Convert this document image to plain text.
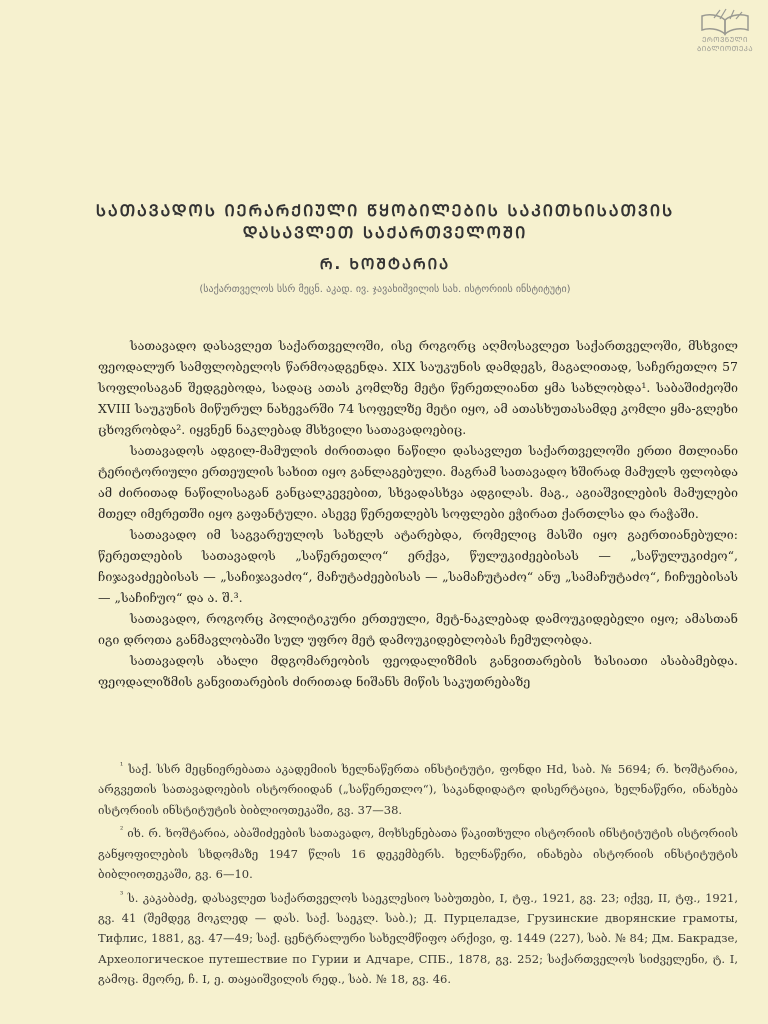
ᲔᲠᲝᲕᲜᲣᲚᲘ
ᲑᲘᲑᲚᲘᲝᲗᲔᲙᲐ
ᲡᲐᲗᲐᲕᲐᲓᲝᲡ ᲘᲔᲠᲐᲠᲥᲘᲣᲚᲘ ᲬᲧᲝᲑᲘᲚᲔᲑᲘᲡ ᲡᲐᲙᲘᲗᲮᲘᲡᲐᲗᲕᲘᲡ
ᲓᲐᲡᲐᲕᲚᲔᲗ ᲡᲐᲥᲐᲠᲗᲕᲔᲚᲝᲨᲘ
Რ. ᲮᲝᲨᲢᲐᲠᲘᲐ
(საქართველოს სსრ მეცნ. აკად. ივ. ჯავახიშვილის სახ. ისტორიის ინსტიტუტი)

სათავადო დასავლეთ საქართველოში, ისე როგორც აღმოსავლეთ საქართველოში, მსხვილ ფეოდალურ სამფლობელოს წარმოადგენდა. XIX საუკუნის დამდეგს, მაგალითად, საჩერეთლო 57 სოფლისაგან შედგებოდა, სადაც ათას კომლზე მეტი წერეთლიანთ ყმა სახლობდა¹. საბაშიძეოში XVIII საუკუნის მიწურულ ნახევარში 74 სოფელზე მეტი იყო, ამ ათასხუთასამდე კომლი ყმა-გლეხი ცხოვრობდა². იყვნენ ნაკლებად მსხვილი სათავადოებიც.

სათავადოს ადგილ-მამულის ძირითადი ნაწილი დასავლეთ საქართველოში ერთი მთლიანი ტერიტორიული ერთეულის სახით იყო განლაგებული. მაგრამ სათავადო ხშირად მამულს ფლობდა ამ ძირითად ნაწილისაგან განცალკევებით, სხვადასხვა ადგილას. მაგ., აგიაშვილების მამულები მთელ იმერეთში იყო გაფანტული. ასევე წერეთლებს სოფლები ეჭირათ ქართლსა და რაჭაში.

სათავადო იმ საგვარეულოს სახელს ატარებდა, რომელიც მასში იყო გაერთიანებული: წერეთლების სათავადოს „საწერეთლო“ ერქვა, წულუკიძეებისას — „საწულუკიძეო“, ჩიჯავაძეებისას — „საჩიჯავაძო“, მაჩუტაძეებისას — „სამაჩუტაძო“ ანუ „სამაჩუტაძო“, ჩიჩუებისას — „საჩიჩუო“ და ა. შ.³.

სათავადო, როგორც პოლიტიკური ერთეული, მეტ-ნაკლებად დამოუკიდებელი იყო; ამასთან იგი დროთა განმავლობაში სულ უფრო მეტ დამოუკიდებლობას ჩემულობდა.

სათავადოს ახალი მდგომარეობის ფეოდალიზმის განვითარების ხასიათი ასაბამებდა. ფეოდალიზმის განვითარების ძირითად ნიშანს მიწის საკუთრებაზე

$^{^1}$ საქ. სსრ მეცნიერებათა აკადემიის ხელნაწერთა ინსტიტუტი, ფონდი Hd, საბ. № 5694; რ. ხოშტარია, არგვეთის სათავადოების ისტორიიდან („საწერეთლო“), საკანდიდატო დისერტაცია, ხელნაწერი, ინახება ისტორიის ინსტიტუტის ბიბლიოთეკაში, გვ. 37—38.

$^{^2}$ იხ. რ. ხოშტარია, აბაშიძეების სათავადო, მოხსენებათა წაკითხული ისტორიის ინსტიტუტის ისტორიის განყოფილების სხდომაზე 1947 წლის 16 დეკემბერს. ხელნაწერი, ინახება ისტორიის ინსტიტუტის ბიბლიოთეკაში, გვ. 6—10.

$^{^3}$ ს. კაკაბაძე, დასავლეთ საქართველოს საეკლესიო საბუთები, I, ტფ., 1921, გვ. 23; იქვე, II, ტფ., 1921, გვ. 41 (შემდეგ მოკლედ — დას. საქ. საეკლ. საბ.); Д. Пурцеладзе, Грузинские дворянские грамоты, Тифлис, 1881, გვ. 47—49; საქ. ცენტრალური სახელმწიფო არქივი, ფ. 1449 (227), საბ. № 84; Дм. Бакрадзе, Археологическое путешествие по Гурии и Адчаре, СПБ., 1878, გვ. 252; საქართველოს სიძველენი, ტ. I, გამოც. მეორე, ჩ. I, ე. თაყაიშვილის რედ., საბ. № 18, გვ. 46.
